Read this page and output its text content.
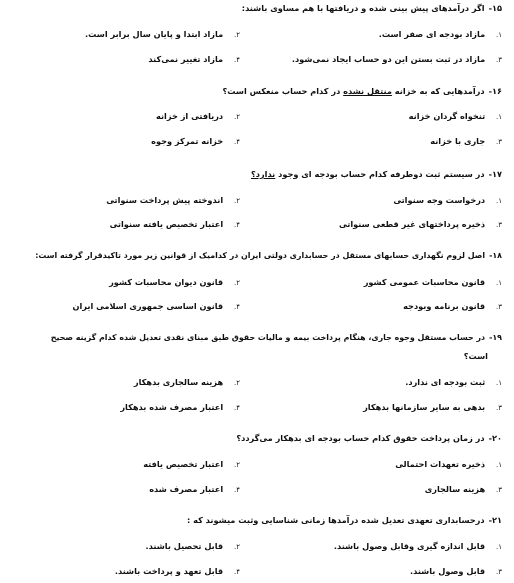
۱۵-اگر درآمدهای پیش بینی شده و دریافتها با هم مساوی باشند:
۱. مازاد بودجه ای صفر است.
۲. مازاد ابتدا و پایان سال برابر است.
۳. مازاد در ثبت بستن این دو حساب ایجاد نمی‌شود.
۴. مازاد تغییر نمی‌کند
۱۶-درآمدهایی که به خزانه منتقل نشده در کدام حساب منعکس است؟
۱. تنخواه گردان خزانه
۲. دریافتی از خزانه
۳. جاری با خزانه
۴. خزانه تمرکز وجوه
۱۷-در سیستم ثبت دوطرفه کدام حساب بودجه ای وجود ندارد؟
۱. درخواست وجه سنواتی
۲. اندوخته پیش پرداخت سنواتی
۳. ذخیره پرداختهای غیر قطعی سنواتی
۴. اعتبار تخصیص یافته سنواتی
۱۸-اصل لزوم نگهداری حسابهای مستقل در حسابداری دولتی ایران در کدامیک از قوانین زیر مورد تاکیدقرار گرفته است:
۱. قانون محاسبات عمومی کشور
۲. قانون دیوان محاسبات کشور
۳. قانون برنامه وبودجه
۴. قانون اساسی جمهوری اسلامی ایران
۱۹-در حساب مستقل وجوه جاری، هنگام پرداخت بیمه و مالیات حقوق طبق مبنای نقدی تعدیل شده کدام گزینه صحیح
است؟
۱. ثبت بودجه ای ندارد.
۲. هزینه سالجاری بدهکار
۳. بدهی به سایر سازمانها بدهکار
۴. اعتبار مصرف شده بدهکار
۲۰-در زمان پرداخت حقوق کدام حساب بودجه ای بدهکار می‌گردد؟
۱. ذخیره تعهدات احتمالی
۲. اعتبار تخصیص یافته
۳. هزینه سالجاری
۴. اعتبار مصرف شده
۲۱-درحسابداری تعهدی تعدیل شده درآمدها زمانی شناسایی وثبت میشوند که :
۱. قابل اندازه گیری وقابل وصول باشند.
۲. قابل تحصیل باشند.
۳. قابل وصول باشند.
۴. قابل تعهد و پرداخت باشند.
